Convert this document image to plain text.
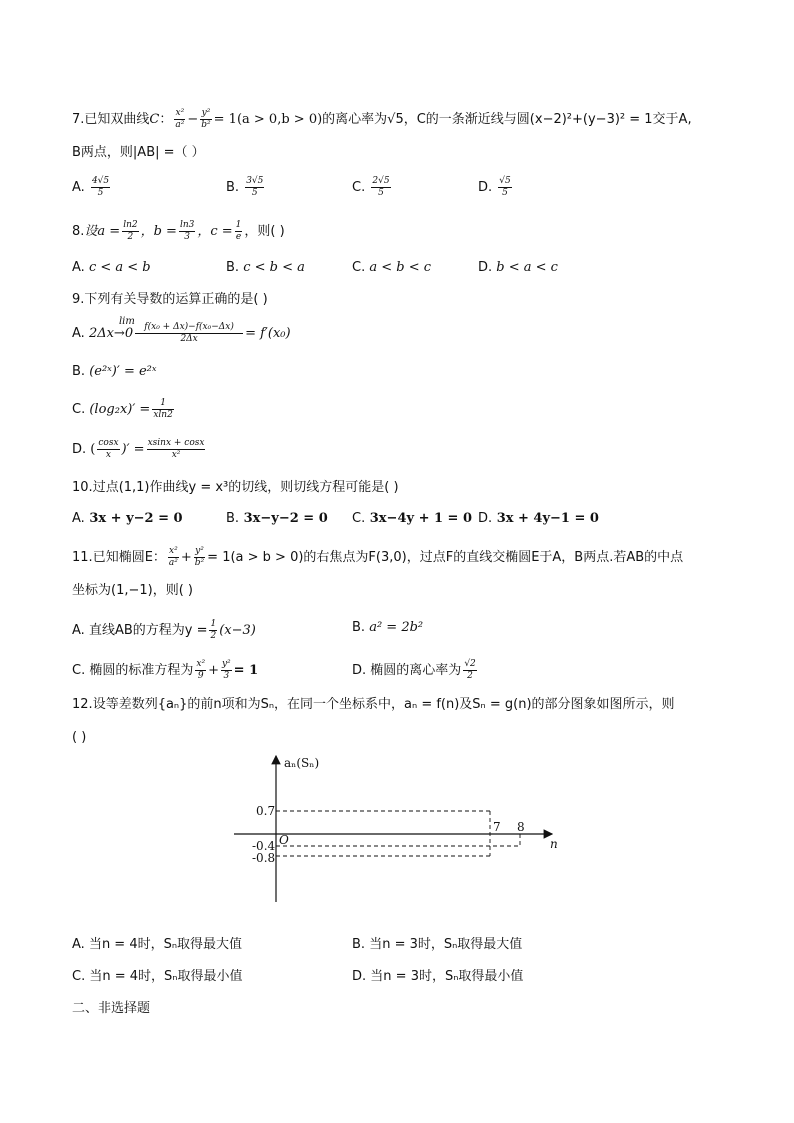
7.已知双曲线C： $\frac{\text{x²}}{\text{a²}} - \frac{\text{y²}}{\text{b²}} = 1(a > 0,b > 0)$的离心率为√5，C的一条渐近线与圆(x−2)²+(y−3)² = 1交于A,
B两点，则|AB| =（ ）
A. $\frac{4√5}{5}$	B. $\frac{3√5}{5}$	C. $\frac{2√5}{5}$	D. $\frac{√5}{5}$
8.设$a = \frac{\ln 2}{2}$ ，$b = \frac{\ln 3}{3}$ ，$c = \frac{1}{e}$ ，则( )
A. c < a < b	B. c < b < a	C. a < b < c	D. b < a < c
9.下列有关导数的运算正确的是( )
A.
lim
$2\Delta x\to 0 \frac{\text{f(x₀ + Δx)−f(x₀−Δx)}}{2\Delta x} = f'(x_0)$
B. (e²ˣ)′ = e²ˣ
C. $(\log_2x)' = \frac{1}{xln2}$
D. ( $\frac{\cos x}{x}$ )′ = $\frac{xsinx + \cos x}{\text{x²}}$
10.过点(1,1)作曲线y = x³的切线，则切线方程可能是( )
A. 3x + y−2 = 0	B. 3x−y−2 = 0 C. 3x−4y + 1 = 0 D. 3x + 4y−1 = 0
11.已知椭圆E： $\frac{\text{x²}}{\text{a²}} + \frac{\text{y²}}{\text{b²}} = 1(a > b > 0)$的右焦点为F(3,0)，过点F的直线交椭圆E于A，B两点.若AB的中点
坐标为(1,−1)，则( )
A. 直线AB的方程为$y = \frac{1}{2} (x-3)$	B. a² = 2b²
C. 椭圆的标准方程为 $\frac{\text{x²}}{9} + \frac{\text{y²}}{3} = 1$	D. 椭圆的离心率为 $\frac{√2}{2}$
12.设等差数列{aₙ}的前n项和为Sₙ，在同一个坐标系中，aₙ = f(n)及Sₙ = g(n)的部分图象如图所示，则
( )
aₙ(Sₙ)
n
O
0.7
-0.4
-0.8
7 8
A. 当n = 4时，Sₙ取得最大值	B. 当n = 3时，Sₙ取得最大值
C. 当n = 4时，Sₙ取得最小值	D. 当n = 3时，Sₙ取得最小值
二、非选择题
